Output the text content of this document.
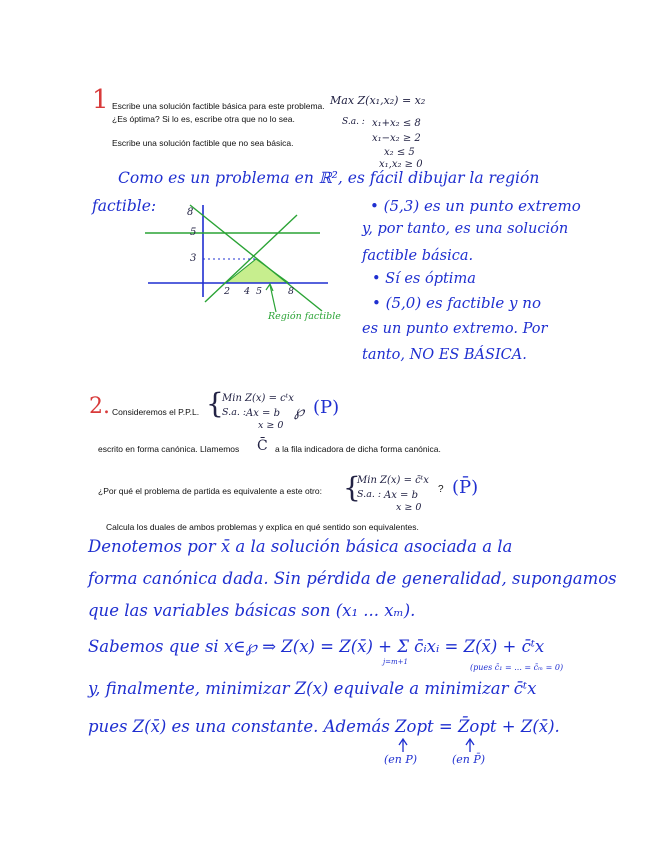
1 Escribe una solución factible básica para este problema.
¿Es óptima? Si lo es, escribe otra que no lo sea.
Escribe una solución factible que no sea básica.
Max Z(x₁,x₂) = x₂
S.a. : x₁+x₂ ≤ 8
x₁−x₂ ≥ 2
x₂ ≤ 5
x₁,x₂ ≥ 0
Como es un problema en ℝ², es fácil dibujar la región
factible:	8
5
3
2 4 5	8
Región factible
• (5,3) es un punto extremo
y, por tanto, es una solución
factible básica.
• Sí es óptima
• (5,0) es factible y no
es un punto extremo. Por
tanto, NO ES BÁSICA.
2. Consideremos el P.P.L. {
Min Z(x) = cᵗx
S.a. : Ax = b
x ≥ 0
℘ (P)
escrito en forma canónica. Llamemos C̄ a la fila indicadora de dicha forma canónica.
¿Por qué el problema de partida es equivalente a este otro: {
Min Z(x) = c̄ᵗx
S.a. : Ax = b
x ≥ 0
? (P̄)
Calcula los duales de ambos problemas y explica en qué sentido son equivalentes.
Denotemos por x̄ a la solución básica asociada a la
forma canónica dada. Sin pérdida de generalidad, supongamos
que las variables básicas son (x₁ ... xₘ).
Sabemos que si x∈℘ ⇒ Z(x) = Z(x̄) + Σ c̄ᵢxᵢ = Z(x̄) + c̄ᵗx
j=m+1
(pues c̄₁ = ... = c̄ₘ = 0)
y, finalmente, minimizar Z(x) equivale a minimizar c̄ᵗx
pues Z(x̄) es una constante. Además Zopt = Z̄opt + Z(x̄).
(en P)	(en P̄)
